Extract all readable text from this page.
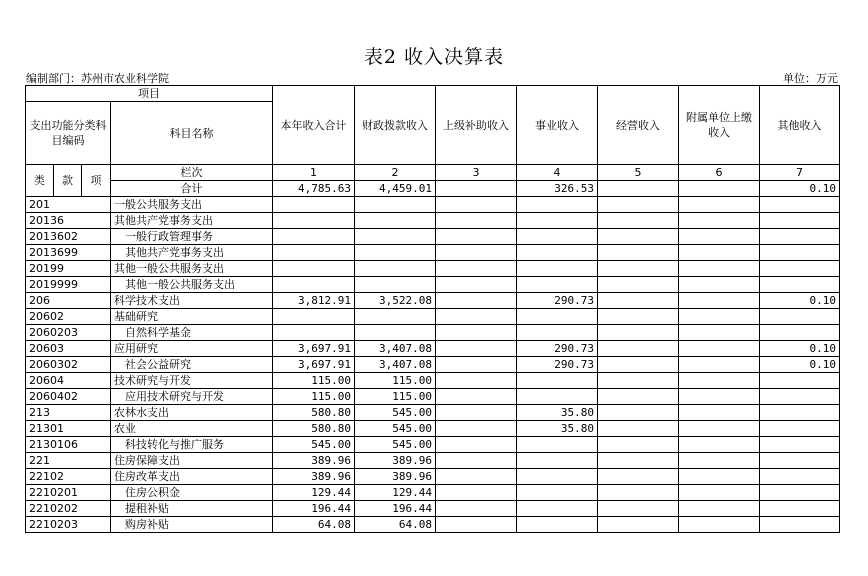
表2 收入决算表
编制部门：苏州市农业科学院	单位：万元
项目				本年收入合计	财政拨款收入	上级补助收入	事业收入	经营收入	附属单位上缴收入	其他收入
支出功能分类科目编码			科目名称							
类	款	项	栏次	1	2	3	4	5	6	7
			合计	4,785.63	4,459.01		326.53			0.10
201			一般公共服务支出							
20136			其他共产党事务支出							
2013602			一般行政管理事务							
2013699			其他共产党事务支出							
20199			其他一般公共服务支出							
2019999			其他一般公共服务支出							
206			科学技术支出	3,812.91	3,522.08		290.73			0.10
20602			基础研究							
2060203			自然科学基金							
20603			应用研究	3,697.91	3,407.08		290.73			0.10
2060302			社会公益研究	3,697.91	3,407.08		290.73			0.10
20604			技术研究与开发	115.00	115.00					
2060402			应用技术研究与开发	115.00	115.00					
213			农林水支出	580.80	545.00		35.80			
21301			农业	580.80	545.00		35.80			
2130106			科技转化与推广服务	545.00	545.00					
221			住房保障支出	389.96	389.96					
22102			住房改革支出	389.96	389.96					
2210201			住房公积金	129.44	129.44					
2210202			提租补贴	196.44	196.44					
2210203			购房补贴	64.08	64.08					
